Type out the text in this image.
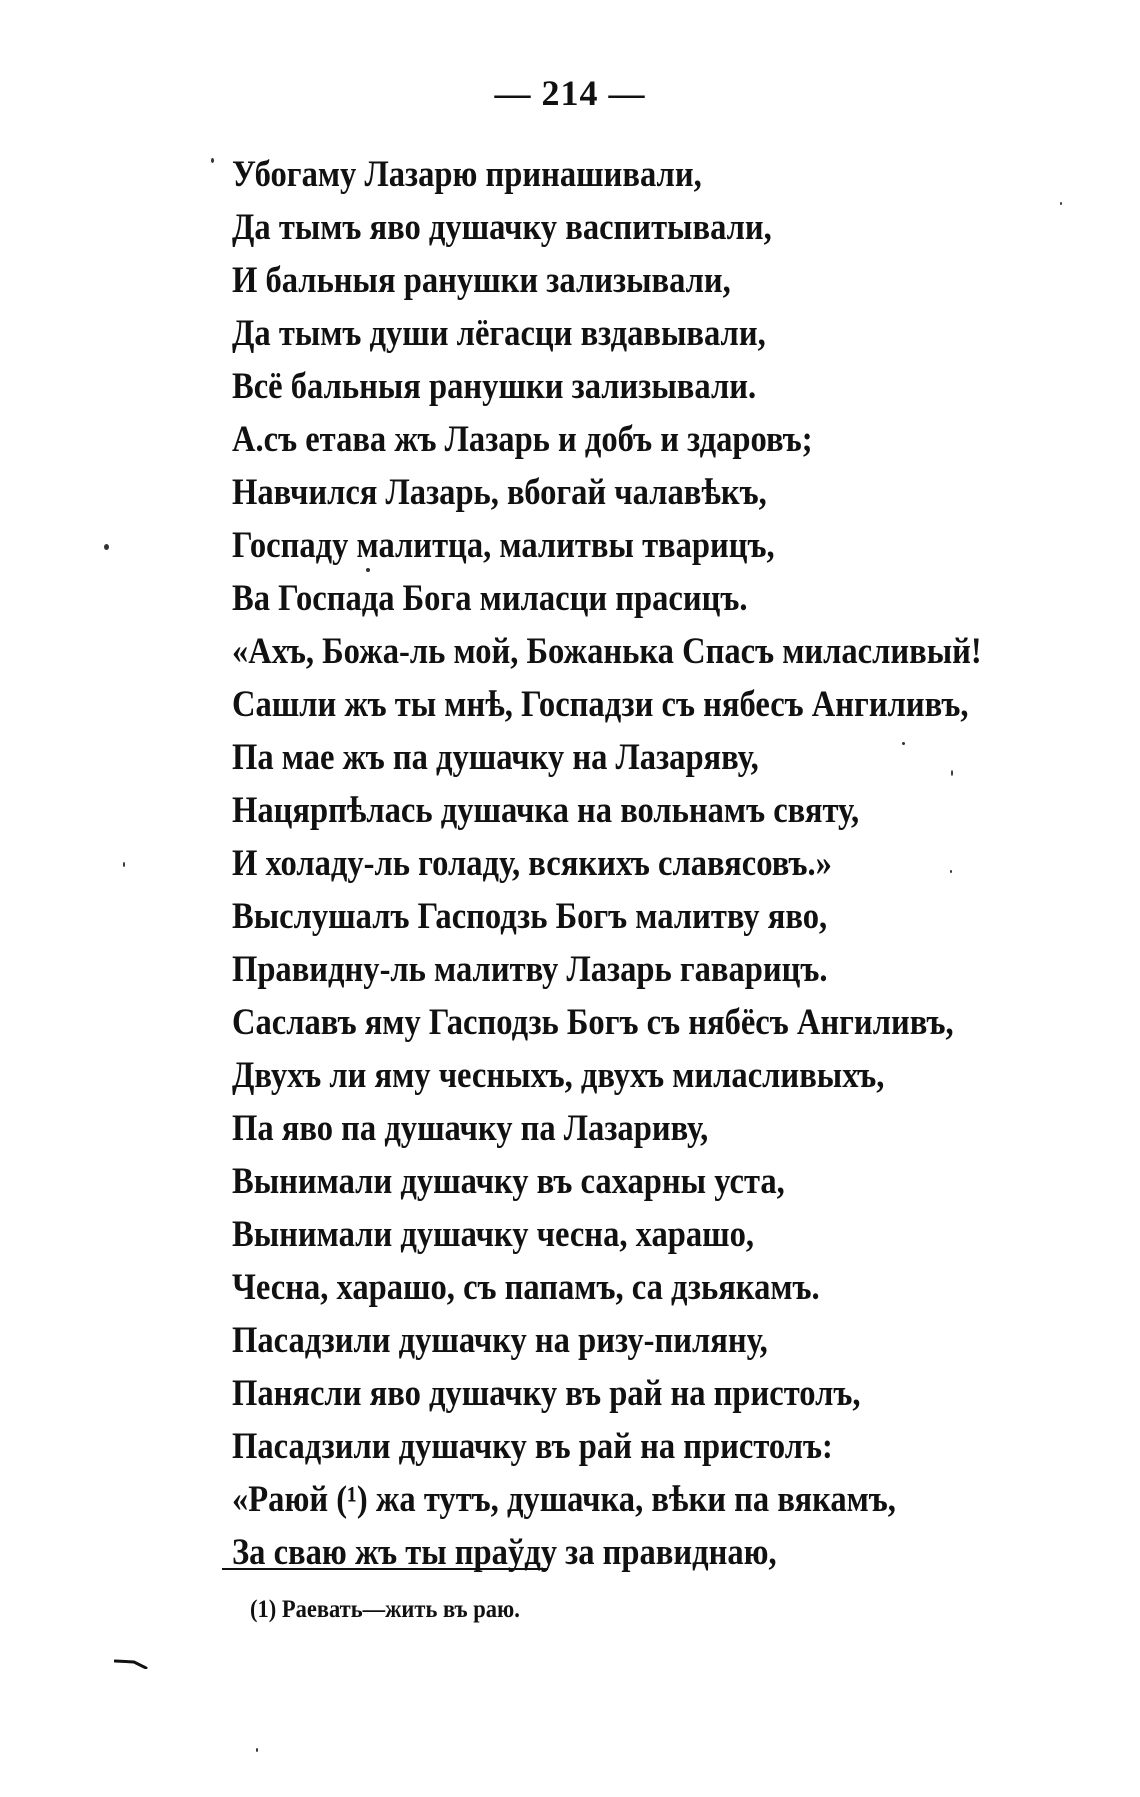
— 214 —
Убогаму Лазарю принашивали,
Да тымъ яво душачку васпитывали,
И бальныя ранушки зализывали,
Да тымъ души лёгасци вздавывали,
Всё бальныя ранушки зализывали.
А.съ етава жъ Лазарь и добъ и здаровъ;
Навчился Лазарь, вбогай чалавѣкъ,
Госпаду малитца, малитвы тварицъ,
Ва Госпада Бога миласци прасицъ.
«Ахъ, Божа-ль мой, Божанька Спасъ миласливый!
Сашли жъ ты мнѣ, Госпадзи съ нябесъ Ангиливъ,
Па мае жъ па душачку на Лазаряву,
Нацярпѣлась душачка на вольнамъ святу,
И холаду-ль голаду, всякихъ славясовъ.»
Выслушалъ Гасподзь Богъ малитву яво,
Правидну-ль малитву Лазарь гаварицъ.
Саславъ яму Гасподзь Богъ съ нябёсъ Ангиливъ,
Двухъ ли яму чесныхъ, двухъ миласливыхъ,
Па яво па душачку па Лазариву,
Вынимали душачку въ сахарны уста,
Вынимали душачку чесна, харашо,
Чесна, харашо, съ папамъ, са дзьякамъ.
Пасадзили душачку на ризу-пиляну,
Панясли яво душачку въ рай на пристолъ,
Пасадзили душачку въ рай на пристолъ:
«Раюй (¹) жа тутъ, душачка, вѣки па вякамъ,
За сваю жъ ты праўду за правиднаю,
(1) Раевать—жить въ раю.
